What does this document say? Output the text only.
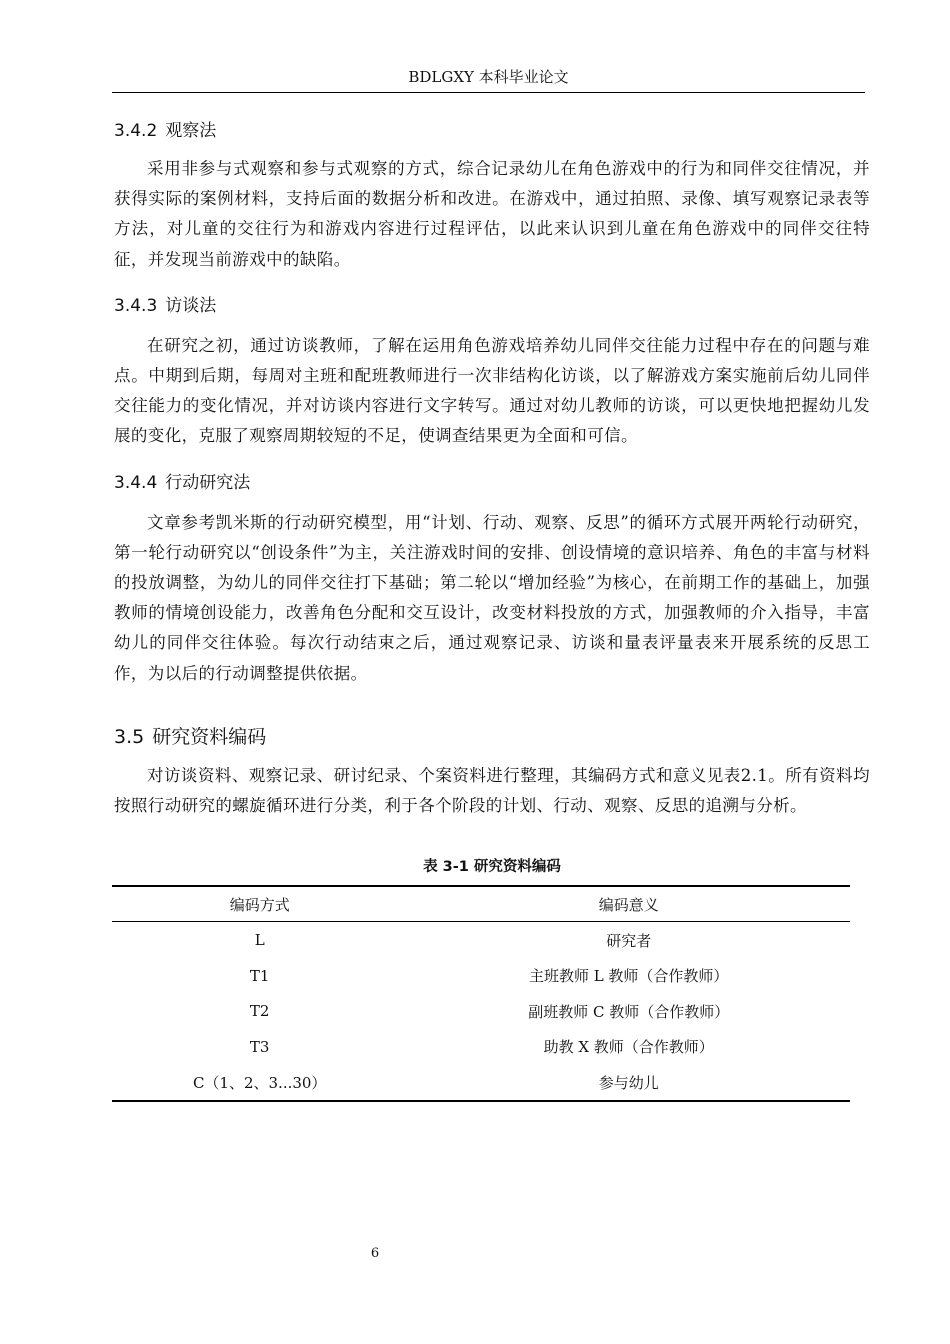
BDLGXY 本科毕业论文
3.4.2 观察法

采用非参与式观察和参与式观察的方式，综合记录幼儿在角色游戏中的行为和同伴交往情况，并获得实际的案例材料，支持后面的数据分析和改进。在游戏中，通过拍照、录像、填写观察记录表等方法，对儿童的交往行为和游戏内容进行过程评估，以此来认识到儿童在角色游戏中的同伴交往特征，并发现当前游戏中的缺陷。

3.4.3 访谈法

在研究之初，通过访谈教师，了解在运用角色游戏培养幼儿同伴交往能力过程中存在的问题与难点。中期到后期，每周对主班和配班教师进行一次非结构化访谈，以了解游戏方案实施前后幼儿同伴交往能力的变化情况，并对访谈内容进行文字转写。通过对幼儿教师的访谈，可以更快地把握幼儿发展的变化，克服了观察周期较短的不足，使调查结果更为全面和可信。

3.4.4 行动研究法

文章参考凯米斯的行动研究模型，用“计划、行动、观察、反思”的循环方式展开两轮行动研究，第一轮行动研究以“创设条件”为主，关注游戏时间的安排、创设情境的意识培养、角色的丰富与材料的投放调整，为幼儿的同伴交往打下基础；第二轮以“增加经验”为核心，在前期工作的基础上，加强教师的情境创设能力，改善角色分配和交互设计，改变材料投放的方式，加强教师的介入指导，丰富幼儿的同伴交往体验。每次行动结束之后，通过观察记录、访谈和量表评量表来开展系统的反思工作，为以后的行动调整提供依据。

3.5 研究资料编码

对访谈资料、观察记录、研讨纪录、个案资料进行整理，其编码方式和意义见表2.1。所有资料均按照行动研究的螺旋循环进行分类，利于各个阶段的计划、行动、观察、反思的追溯与分析。

表 3-1 研究资料编码
编码方式	编码意义
L	研究者
T1	主班教师 L 教师（合作教师）
T2	副班教师 C 教师（合作教师）
T3	助教 X 教师（合作教师）
C（1、2、3...30）	参与幼儿
6
